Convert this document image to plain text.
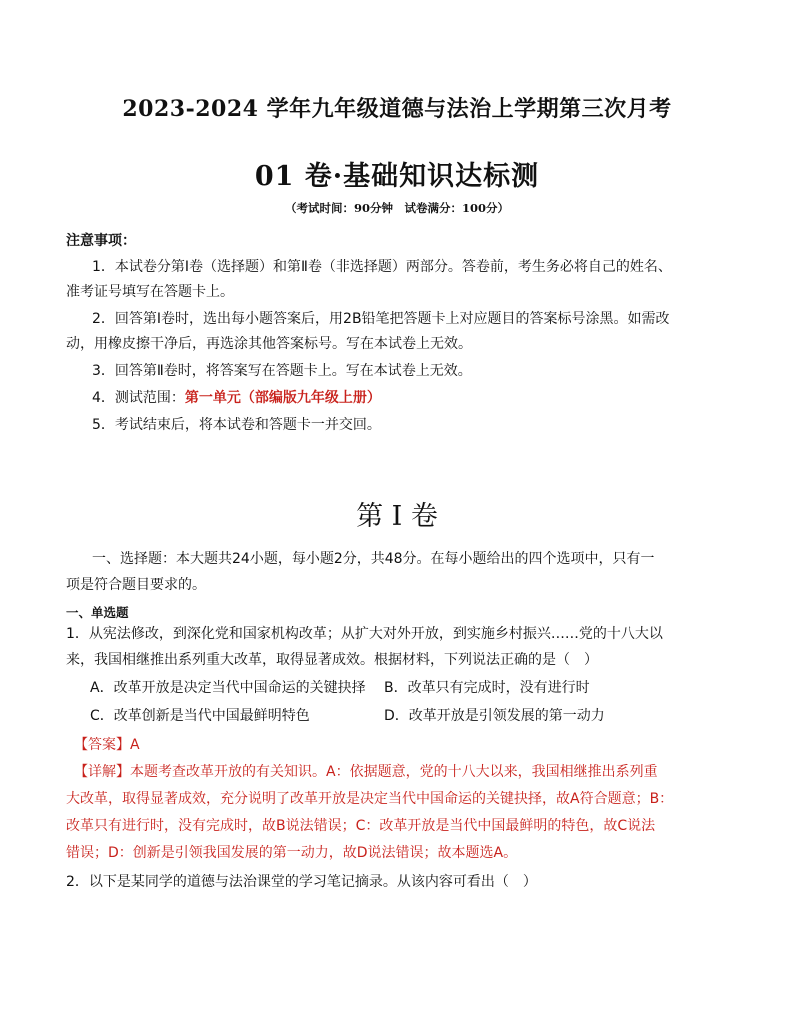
2023-2024 学年九年级道德与法治上学期第三次月考
01 卷·基础知识达标测
（考试时间：90分钟　试卷满分：100分）
注意事项：
1．本试卷分第Ⅰ卷（选择题）和第Ⅱ卷（非选择题）两部分。答卷前，考生务必将自己的姓名、
准考证号填写在答题卡上。
2．回答第Ⅰ卷时，选出每小题答案后，用2B铅笔把答题卡上对应题目的答案标号涂黑。如需改
动，用橡皮擦干净后，再选涂其他答案标号。写在本试卷上无效。
3．回答第Ⅱ卷时，将答案写在答题卡上。写在本试卷上无效。
4．测试范围：第一单元（部编版九年级上册）
5．考试结束后，将本试卷和答题卡一并交回。
第 I 卷
一、选择题：本大题共24小题，每小题2分，共48分。在每小题给出的四个选项中，只有一
项是符合题目要求的。
一、单选题
1．从宪法修改，到深化党和国家机构改革；从扩大对外开放，到实施乡村振兴……党的十八大以
来，我国相继推出系列重大改革，取得显著成效。根据材料，下列说法正确的是（　）
A．改革开放是决定当代中国命运的关键抉择 B．改革只有完成时，没有进行时
C．改革创新是当代中国最鲜明特色	D．改革开放是引领发展的第一动力
【答案】A
【详解】本题考查改革开放的有关知识。A：依据题意，党的十八大以来，我国相继推出系列重
大改革，取得显著成效，充分说明了改革开放是决定当代中国命运的关键抉择，故A符合题意；B：
改革只有进行时，没有完成时，故B说法错误；C：改革开放是当代中国最鲜明的特色，故C说法
错误；D：创新是引领我国发展的第一动力，故D说法错误；故本题选A。
2．以下是某同学的道德与法治课堂的学习笔记摘录。从该内容可看出（　）
